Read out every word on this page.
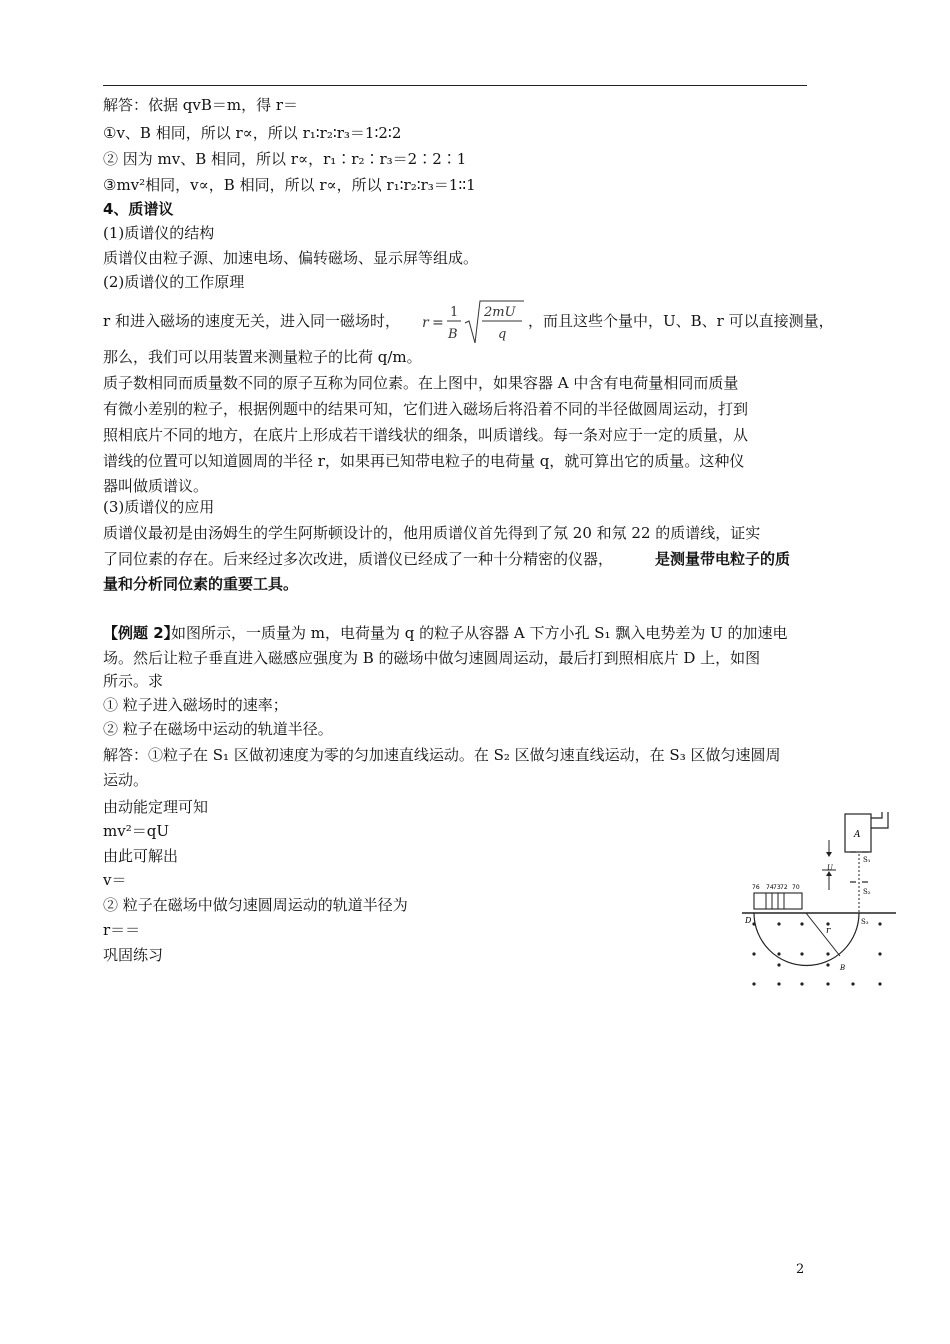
解答：依据 qvB＝m，得 r＝
①v、B 相同，所以 r∝，所以 r₁∶r₂∶r₃＝1∶2∶2
② 因为 mv、B 相同，所以 r∝，r₁∶r₂∶r₃＝2∶2∶1
③mv²相同，v∝，B 相同，所以 r∝，所以 r₁∶r₂∶r₃＝1∶∶1
4、质谱议
(1)质谱仪的结构
质谱仪由粒子源、加速电场、偏转磁场、显示屏等组成。
(2)质谱仪的工作原理
r 和进入磁场的速度无关，进入同一磁场时， r =
1
B
2mU
q
，而且这些个量中，U、B、r 可以直接测量，
那么，我们可以用装置来测量粒子的比荷 q/m。
质子数相同而质量数不同的原子互称为同位素。在上图中，如果容器 A 中含有电荷量相同而质量
有微小差别的粒子，根据例题中的结果可知，它们进入磁场后将沿着不同的半径做圆周运动，打到
照相底片不同的地方，在底片上形成若干谱线状的细条，叫质谱线。每一条对应于一定的质量，从
谱线的位置可以知道圆周的半径 r，如果再已知带电粒子的电荷量 q，就可算出它的质量。这种仪
器叫做质谱议。
(3)质谱仪的应用
质谱仪最初是由汤姆生的学生阿斯顿设计的，他用质谱仪首先得到了氖 20 和氖 22 的质谱线，证实
了同位素的存在。后来经过多次改进，质谱仪已经成了一种十分精密的仪器，	是测量带电粒子的质
量和分析同位素的重要工具。
【例题 2】
如图所示，一质量为 m，电荷量为 q 的粒子从容器 A 下方小孔 S₁ 飘入电势差为 U 的加速电
场。然后让粒子垂直进入磁感应强度为 B 的磁场中做匀速圆周运动，最后打到照相底片 D 上，如图
所示。求
① 粒子进入磁场时的速率；
② 粒子在磁场中运动的轨道半径。
解答：①粒子在 S₁ 区做初速度为零的匀加速直线运动。在 S₂ 区做匀速直线运动，在 S₃ 区做匀速圆周
运动。
由动能定理可知
mv²＝qU
由此可解出
v＝
② 粒子在磁场中做匀速圆周运动的轨道半径为
r＝＝
巩固练习
A
S₁
U
S₂
76 74 73 72 70
D	S₃
r
B
2
